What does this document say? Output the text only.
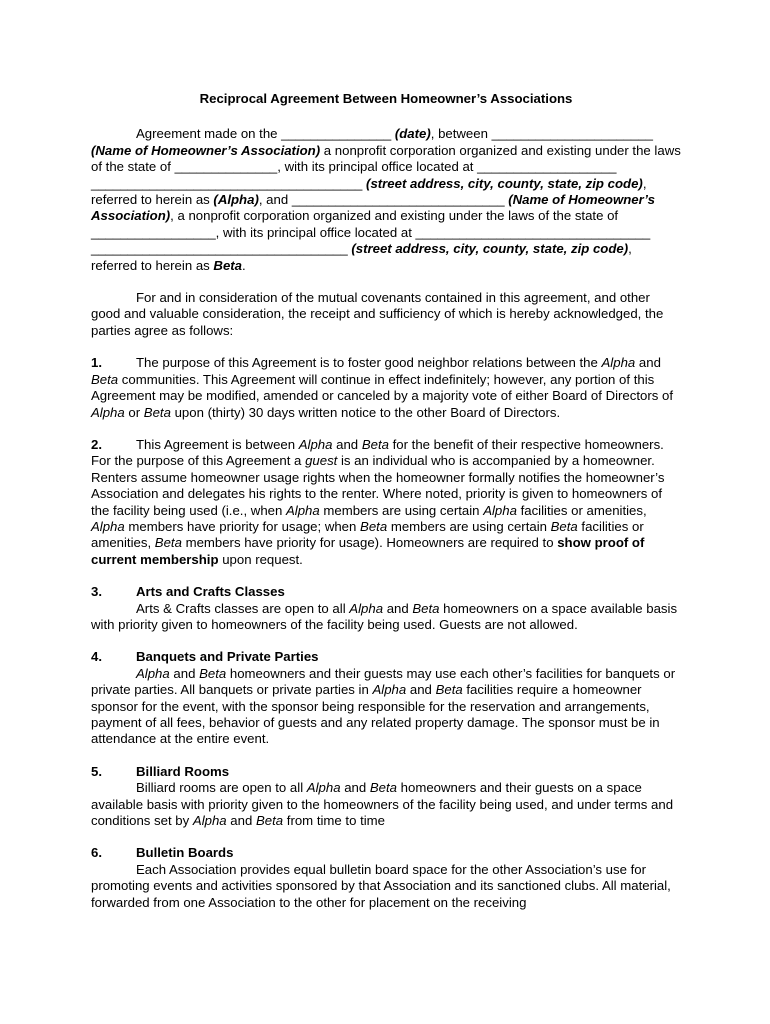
Reciprocal Agreement Between Homeowner’s Associations

Agreement made on the _______________ (date), between ______________________ (Name of Homeowner’s Association) a nonprofit corporation organized and existing under the laws of the state of ______________, with its principal office located at ___________________ _____________________________________ (street address, city, county, state, zip code), referred to herein as (Alpha), and _____________________________ (Name of Homeowner’s Association), a nonprofit corporation organized and existing under the laws of the state of _________________, with its principal office located at ________________________________ ___________________________________ (street address, city, county, state, zip code), referred to herein as Beta.

For and in consideration of the mutual covenants contained in this agreement, and other good and valuable consideration, the receipt and sufficiency of which is hereby acknowledged, the parties agree as follows:

1.	The purpose of this Agreement is to foster good neighbor relations between the Alpha and Beta communities. This Agreement will continue in effect indefinitely; however, any portion of this Agreement may be modified, amended or canceled by a majority vote of either Board of Directors of Alpha or Beta upon (thirty) 30 days written notice to the other Board of Directors.

2.	This Agreement is between Alpha and Beta for the benefit of their respective homeowners. For the purpose of this Agreement a guest is an individual who is accompanied by a homeowner. Renters assume homeowner usage rights when the homeowner formally notifies the homeowner’s Association and delegates his rights to the renter. Where noted, priority is given to homeowners of the facility being used (i.e., when Alpha members are using certain Alpha facilities or amenities, Alpha members have priority for usage; when Beta members are using certain Beta facilities or amenities, Beta members have priority for usage). Homeowners are required to show proof of current membership upon request.

3.	Arts and Crafts Classes
Arts & Crafts classes are open to all Alpha and Beta homeowners on a space available basis with priority given to homeowners of the facility being used. Guests are not allowed.

4.	Banquets and Private Parties
Alpha and Beta homeowners and their guests may use each other’s facilities for banquets or private parties. All banquets or private parties in Alpha and Beta facilities require a homeowner sponsor for the event, with the sponsor being responsible for the reservation and arrangements, payment of all fees, behavior of guests and any related property damage. The sponsor must be in attendance at the entire event.

5.	Billiard Rooms
Billiard rooms are open to all Alpha and Beta homeowners and their guests on a space available basis with priority given to the homeowners of the facility being used, and under terms and conditions set by Alpha and Beta from time to time

6.	Bulletin Boards
Each Association provides equal bulletin board space for the other Association’s use for promoting events and activities sponsored by that Association and its sanctioned clubs. All material, forwarded from one Association to the other for placement on the receiving
